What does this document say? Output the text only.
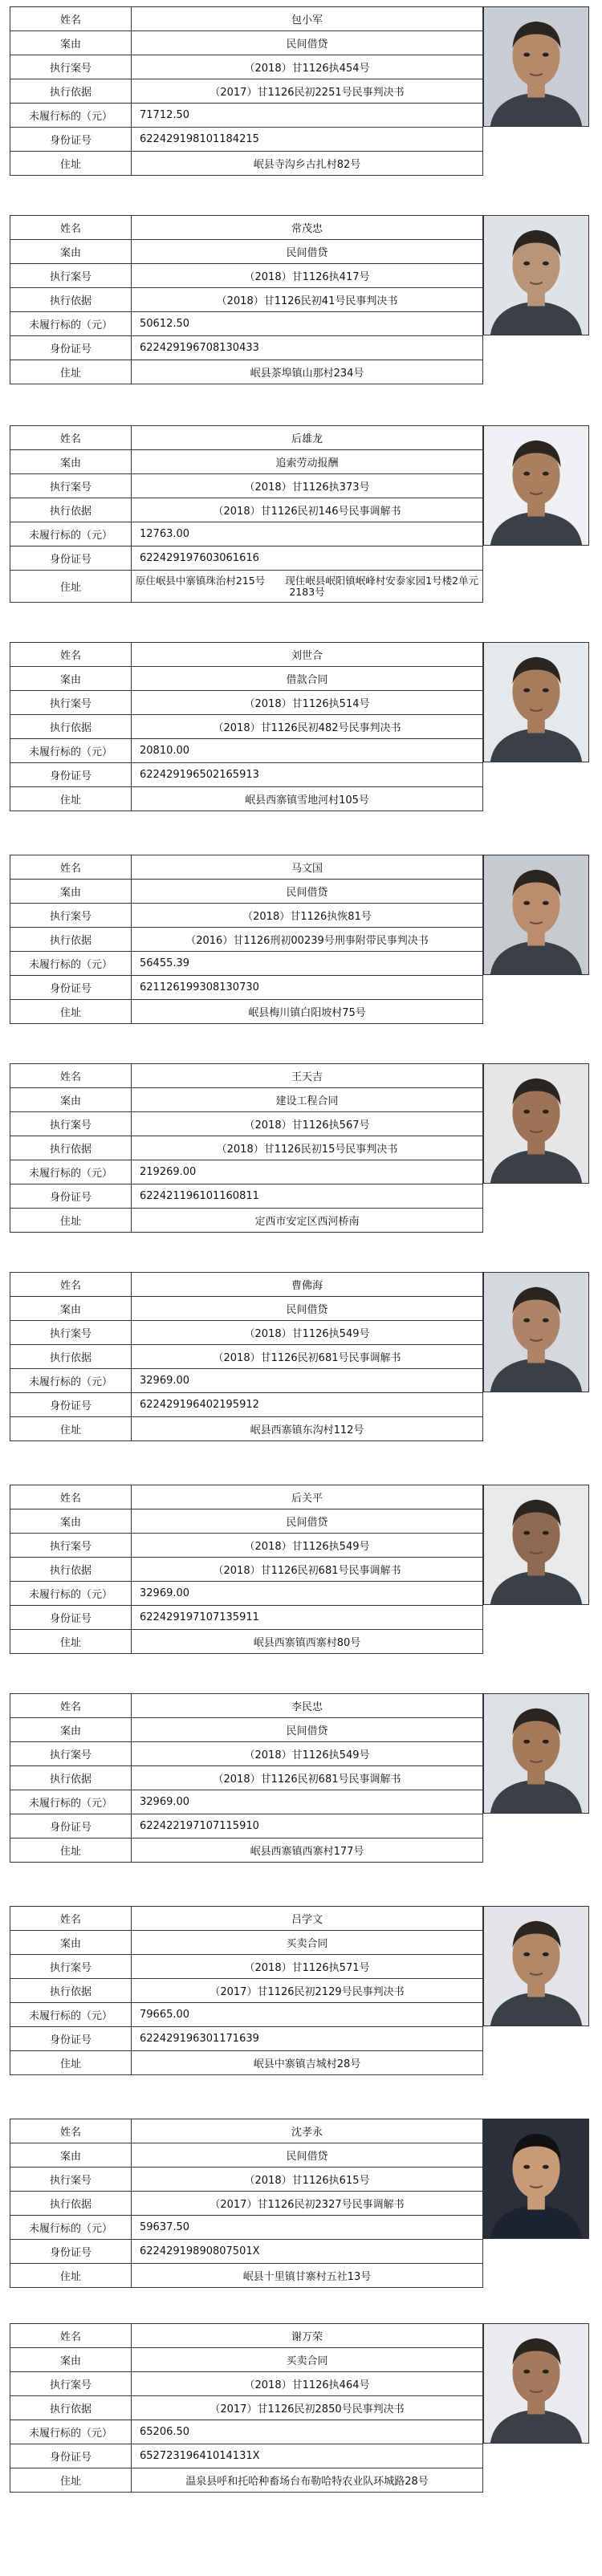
姓名	包小军
案由	民间借贷
执行案号	（2018）甘1126执454号
执行依据	（2017）甘1126民初2251号民事判决书
未履行标的（元）	71712.50
身份证号	622429198101184215
住址	岷县寺沟乡古扎村82号
姓名	常茂忠
案由	民间借贷
执行案号	（2018）甘1126执417号
执行依据	（2018）甘1126民初41号民事判决书
未履行标的（元）	50612.50
身份证号	622429196708130433
住址	岷县茶埠镇山那村234号
姓名	后雄龙
案由	追索劳动报酬
执行案号	（2018）甘1126执373号
执行依据	（2018）甘1126民初146号民事调解书
未履行标的（元）	12763.00
身份证号	622429197603061616
住址	原住岷县中寨镇珠治村215号　　现住岷县岷阳镇岷峰村安泰家园1号楼2单元2183号
姓名	刘世合
案由	借款合同
执行案号	（2018）甘1126执514号
执行依据	（2018）甘1126民初482号民事判决书
未履行标的（元）	20810.00
身份证号	622429196502165913
住址	岷县西寨镇雪地河村105号
姓名	马文国
案由	民间借贷
执行案号	（2018）甘1126执恢81号
执行依据	（2016）甘1126刑初00239号刑事附带民事判决书
未履行标的（元）	56455.39
身份证号	621126199308130730
住址	岷县梅川镇白阳坡村75号
姓名	王天吉
案由	建设工程合同
执行案号	（2018）甘1126执567号
执行依据	（2018）甘1126民初15号民事判决书
未履行标的（元）	219269.00
身份证号	622421196101160811
住址	定西市安定区西河桥南
姓名	曹佛海
案由	民间借贷
执行案号	（2018）甘1126执549号
执行依据	（2018）甘1126民初681号民事调解书
未履行标的（元）	32969.00
身份证号	622429196402195912
住址	岷县西寨镇东沟村112号
姓名	后关平
案由	民间借贷
执行案号	（2018）甘1126执549号
执行依据	（2018）甘1126民初681号民事调解书
未履行标的（元）	32969.00
身份证号	622429197107135911
住址	岷县西寨镇西寨村80号
姓名	李民忠
案由	民间借贷
执行案号	（2018）甘1126执549号
执行依据	（2018）甘1126民初681号民事调解书
未履行标的（元）	32969.00
身份证号	622422197107115910
住址	岷县西寨镇西寨村177号
姓名	吕学文
案由	买卖合同
执行案号	（2018）甘1126执571号
执行依据	（2017）甘1126民初2129号民事判决书
未履行标的（元）	79665.00
身份证号	622429196301171639
住址	岷县中寨镇吉城村28号
姓名	沈孝永
案由	民间借贷
执行案号	（2018）甘1126执615号
执行依据	（2017）甘1126民初2327号民事调解书
未履行标的（元）	59637.50
身份证号	62242919890807501X
住址	岷县十里镇甘寨村五社13号
姓名	谢万荣
案由	买卖合同
执行案号	（2018）甘1126执464号
执行依据	（2017）甘1126民初2850号民事判决书
未履行标的（元）	65206.50
身份证号	65272319641014131X
住址	温泉县呼和托哈种畜场台布勒哈特农业队环城路28号
